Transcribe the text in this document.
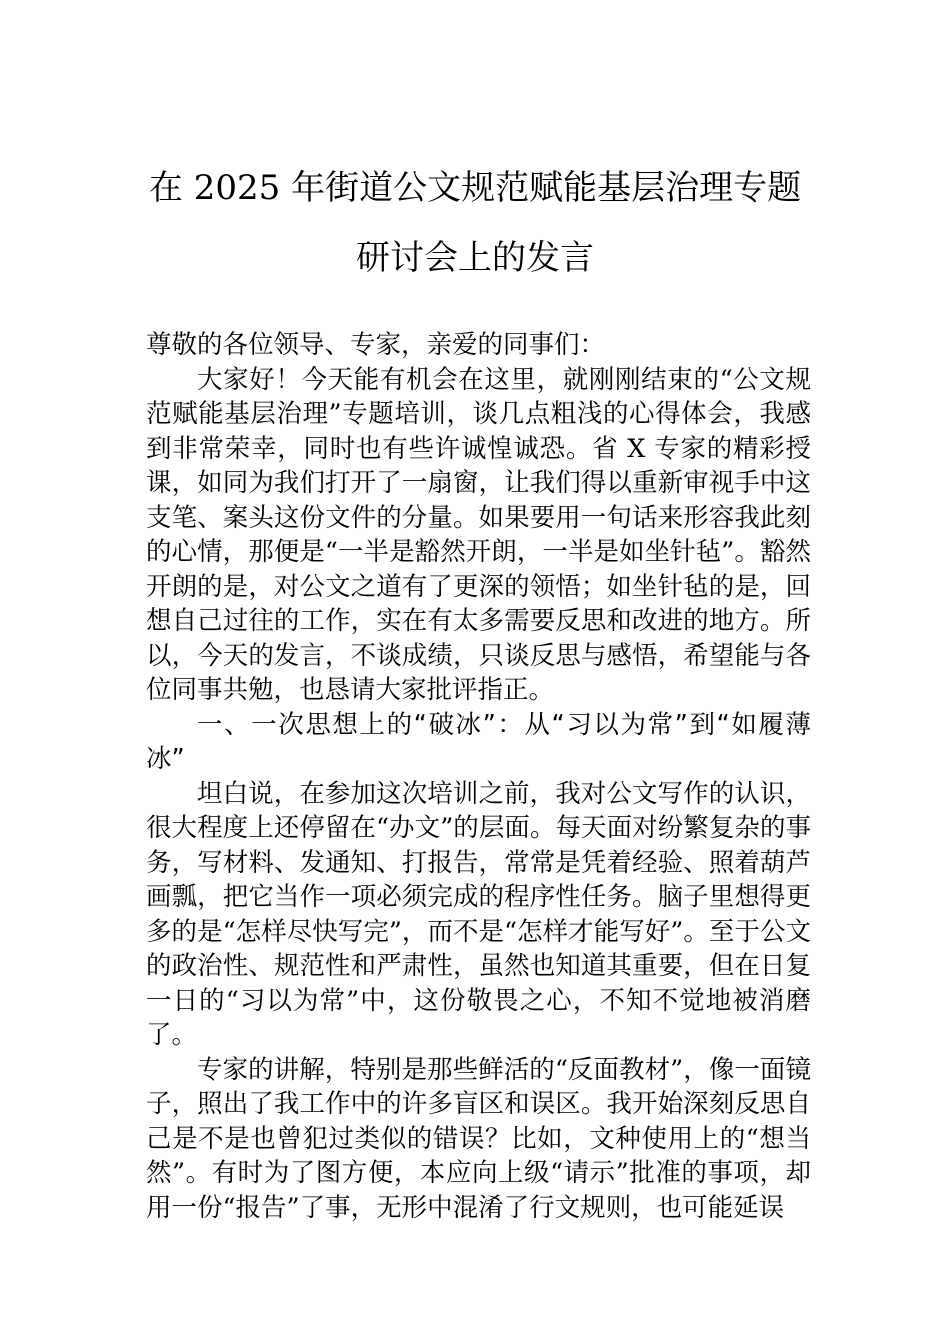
在 2025 年街道公文规范赋能基层治理专题
研讨会上的发言

尊敬的各位领导、专家，亲爱的同事们：

大家好！今天能有机会在这里，就刚刚结束的“公文规范赋能基层治理”专题培训，谈几点粗浅的心得体会，我感到非常荣幸，同时也有些许诚惶诚恐。省 X 专家的精彩授课，如同为我们打开了一扇窗，让我们得以重新审视手中这支笔、案头这份文件的分量。如果要用一句话来形容我此刻的心情，那便是“一半是豁然开朗，一半是如坐针毡”。豁然开朗的是，对公文之道有了更深的领悟；如坐针毡的是，回想自己过往的工作，实在有太多需要反思和改进的地方。所以，今天的发言，不谈成绩，只谈反思与感悟，希望能与各位同事共勉，也恳请大家批评指正。

一、一次思想上的“破冰”：从“习以为常”到“如履薄冰”

坦白说，在参加这次培训之前，我对公文写作的认识，很大程度上还停留在“办文”的层面。每天面对纷繁复杂的事务，写材料、发通知、打报告，常常是凭着经验、照着葫芦画瓢，把它当作一项必须完成的程序性任务。脑子里想得更多的是“怎样尽快写完”，而不是“怎样才能写好”。至于公文的政治性、规范性和严肃性，虽然也知道其重要，但在日复一日的“习以为常”中，这份敬畏之心，不知不觉地被消磨了。

专家的讲解，特别是那些鲜活的“反面教材”，像一面镜子，照出了我工作中的许多盲区和误区。我开始深刻反思自己是不是也曾犯过类似的错误？比如，文种使用上的“想当然”。有时为了图方便，本应向上级“请示”批准的事项，却用一份“报告”了事，无形中混淆了行文规则，也可能延误
